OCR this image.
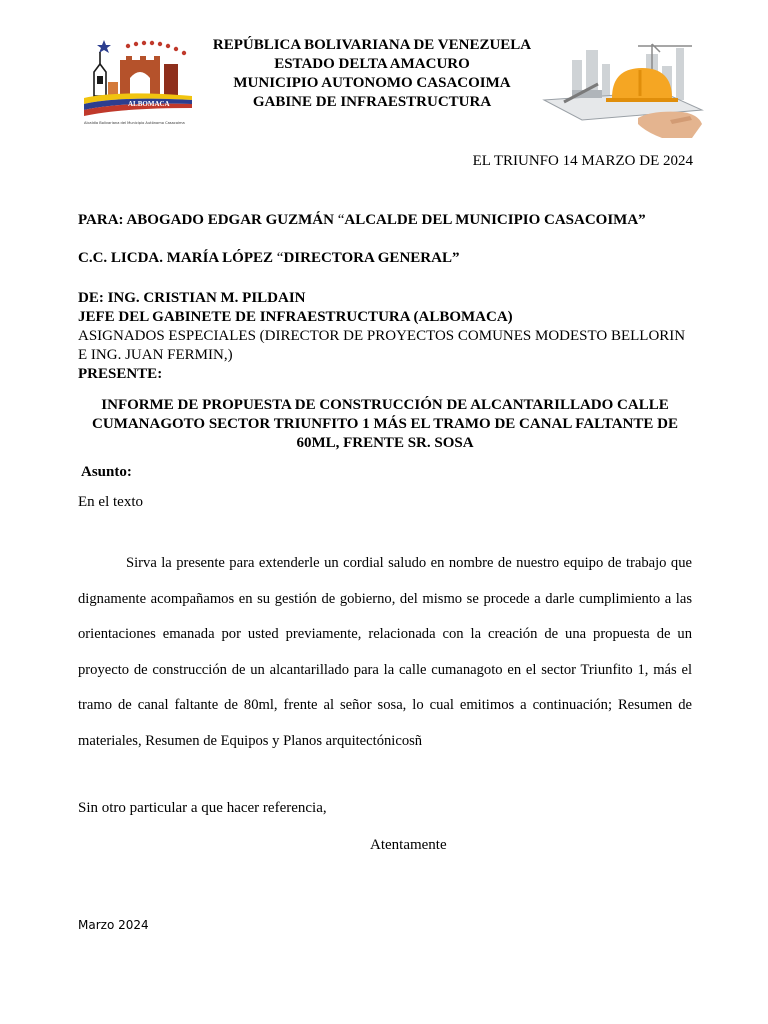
ALBOMACA
Alcaldía Bolivariana del Municipio Autónomo Casacoima
REPÚBLICA BOLIVARIANA DE VENEZUELA
ESTADO DELTA AMACURO
MUNICIPIO AUTONOMO CASACOIMA
GABINE DE INFRAESTRUCTURA
EL TRIUNFO 14 MARZO DE 2024
PARA: ABOGADO EDGAR GUZMÁN “ALCALDE DEL MUNICIPIO CASACOIMA”
C.C. LICDA. MARÍA LÓPEZ “DIRECTORA GENERAL”
DE: ING. CRISTIAN M. PILDAIN
JEFE DEL GABINETE DE INFRAESTRUCTURA (ALBOMACA)
ASIGNADOS ESPECIALES (DIRECTOR DE PROYECTOS COMUNES MODESTO BELLORIN
E ING. JUAN FERMIN,)
PRESENTE:
INFORME DE PROPUESTA DE CONSTRUCCIÓN DE ALCANTARILLADO CALLE
CUMANAGOTO SECTOR TRIUNFITO 1 MÁS EL TRAMO DE CANAL FALTANTE DE
60ML, FRENTE SR. SOSA
Asunto:
En el texto
Sirva la presente para extenderle un cordial saludo en nombre de nuestro equipo de trabajo que dignamente acompañamos en su gestión de gobierno, del mismo se procede a darle cumplimiento a las orientaciones emanada por usted previamente, relacionada con la creación de una propuesta de un proyecto de construcción de un alcantarillado para la calle cumanagoto en el sector Triunfito 1, más el tramo de canal faltante de 80ml, frente al señor sosa, lo cual emitimos a continuación; Resumen de materiales, Resumen de Equipos y Planos arquitectónicosñ
Sin otro particular a que hacer referencia,
Atentamente
Marzo 2024
